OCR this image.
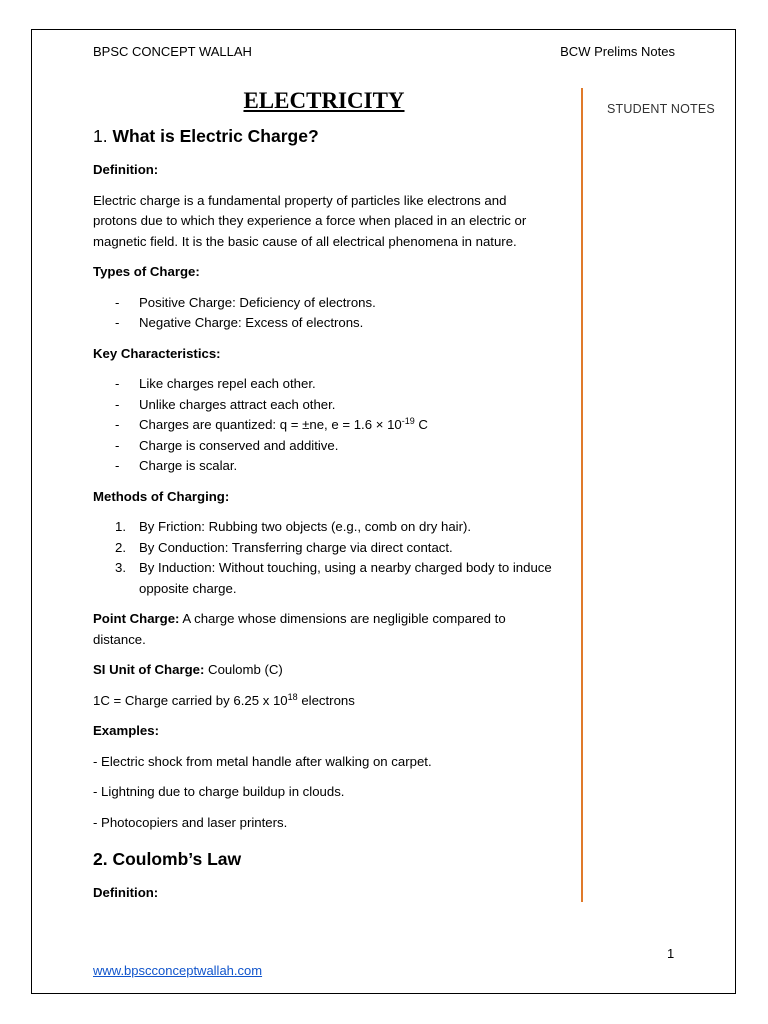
BPSC CONCEPT WALLAH	BCW Prelims Notes
STUDENT NOTES
ELECTRICITY
1. What is Electric Charge?
Definition:

Electric charge is a fundamental property of particles like electrons and protons due to which they experience a force when placed in an electric or magnetic field. It is the basic cause of all electrical phenomena in nature.

Types of Charge:
- Positive Charge: Deficiency of electrons.
- Negative Charge: Excess of electrons.
Key Characteristics:
- Like charges repel each other.
- Unlike charges attract each other.
- Charges are quantized: q = ±ne, $e = 1.6 \times 10^{-19}$ C
- Charge is conserved and additive.
- Charge is scalar.
Methods of Charging:
1. By Friction: Rubbing two objects (e.g., comb on dry hair).
2. By Conduction: Transferring charge via direct contact.
3. By Induction: Without touching, using a nearby charged body to induce opposite charge.

Point Charge: A charge whose dimensions are negligible compared to distance.

SI Unit of Charge: Coulomb (C)

1C = Charge carried by 6.25 x $10^{18}$ electrons

Examples:

- Electric shock from metal handle after walking on carpet.

- Lightning due to charge buildup in clouds.

- Photocopiers and laser printers.

2. Coulomb’s Law
Definition:
1
www.bpscconceptwallah.com
